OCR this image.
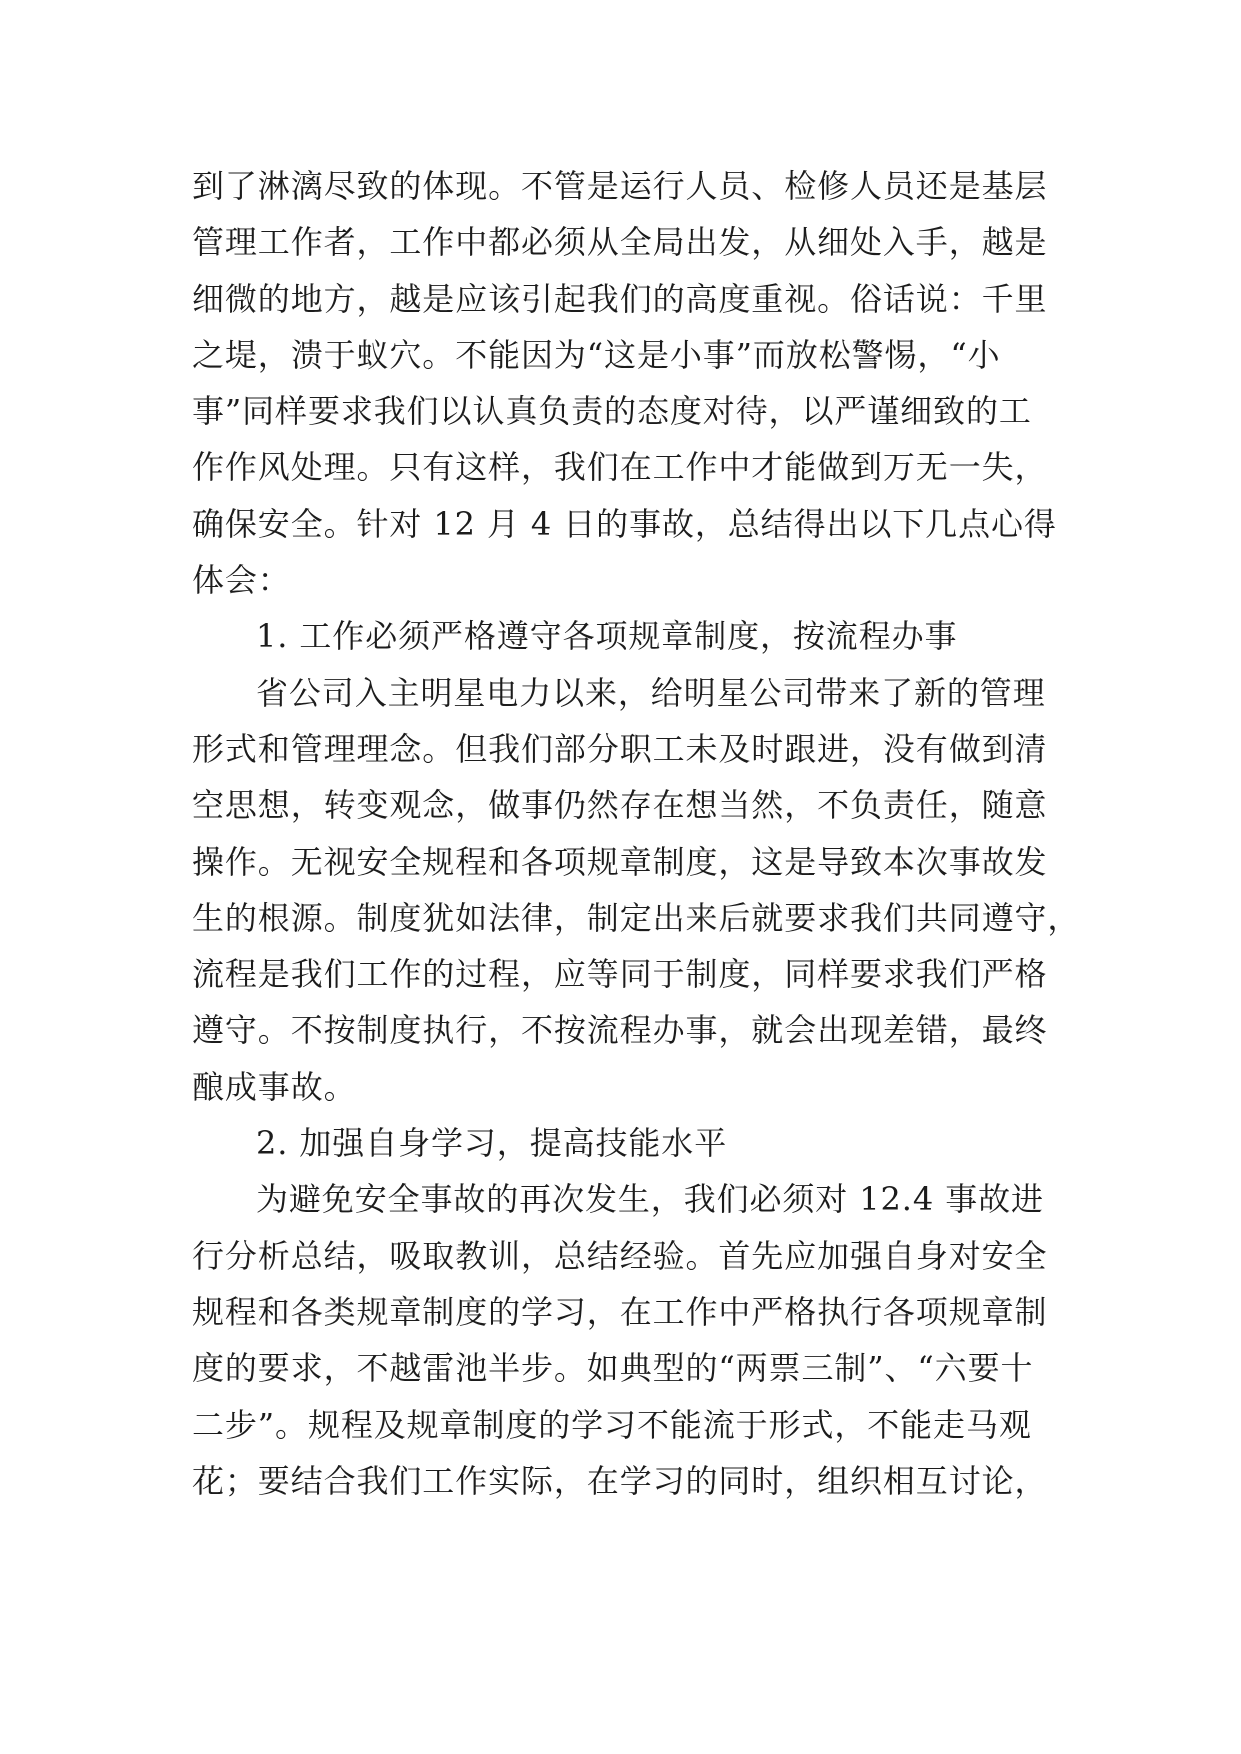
到了淋漓尽致的体现。不管是运行人员、检修人员还是基层
管理工作者，工作中都必须从全局出发，从细处入手，越是
细微的地方，越是应该引起我们的高度重视。俗话说：千里
之堤，溃于蚁穴。不能因为“这是小事”而放松警惕，“小
事”同样要求我们以认真负责的态度对待，以严谨细致的工
作作风处理。只有这样，我们在工作中才能做到万无一失，
确保安全。针对 12 月 4 日的事故，总结得出以下几点心得
体会：
1. 工作必须严格遵守各项规章制度，按流程办事
省公司入主明星电力以来，给明星公司带来了新的管理
形式和管理理念。但我们部分职工未及时跟进，没有做到清
空思想，转变观念，做事仍然存在想当然，不负责任，随意
操作。无视安全规程和各项规章制度，这是导致本次事故发
生的根源。制度犹如法律，制定出来后就要求我们共同遵守，
流程是我们工作的过程，应等同于制度，同样要求我们严格
遵守。不按制度执行，不按流程办事，就会出现差错，最终
酿成事故。
2. 加强自身学习，提高技能水平
为避免安全事故的再次发生，我们必须对 12.4 事故进
行分析总结，吸取教训，总结经验。首先应加强自身对安全
规程和各类规章制度的学习，在工作中严格执行各项规章制
度的要求，不越雷池半步。如典型的“两票三制”、“六要十
二步”。规程及规章制度的学习不能流于形式，不能走马观
花；要结合我们工作实际，在学习的同时，组织相互讨论，
